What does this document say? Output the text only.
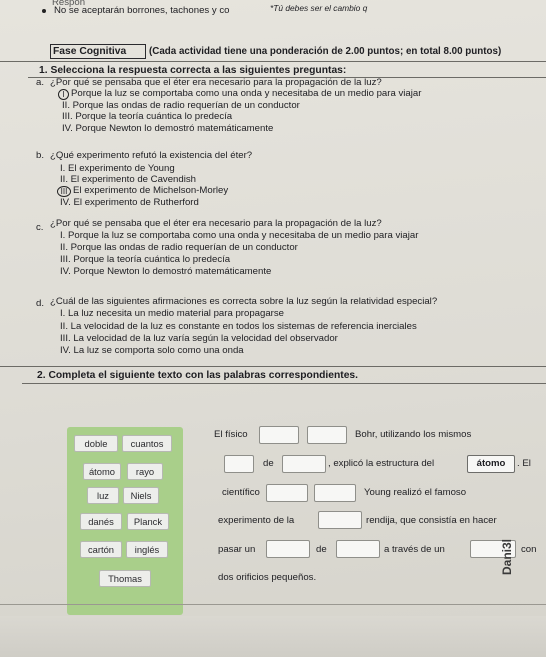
Respon
No se aceptarán borrones, tachones y co	*Tú debes ser el cambio q
Fase Cognitiva (Cada actividad tiene una ponderación de 2.00 puntos; en total 8.00 puntos)
1. Selecciona la respuesta correcta a las siguientes preguntas:
a. ¿Por qué se pensaba que el éter era necesario para la propagación de la luz?
I Porque la luz se comportaba como una onda y necesitaba de un medio para viajar
II. Porque las ondas de radio requerían de un conductor
III. Porque la teoría cuántica lo predecía
IV. Porque Newton lo demostró matemáticamente
b. ¿Qué experimento refutó la existencia del éter?
I. El experimento de Young
II. El experimento de Cavendish
III El experimento de Michelson-Morley
IV. El experimento de Rutherford
c. ¿Por qué se pensaba que el éter era necesario para la propagación de la luz?
I. Porque la luz se comportaba como una onda y necesitaba de un medio para viajar
II. Porque las ondas de radio requerían de un conductor
III. Porque la teoría cuántica lo predecía
IV. Porque Newton lo demostró matemáticamente
d. ¿Cuál de las siguientes afirmaciones es correcta sobre la luz según la relatividad especial?
I. La luz necesita un medio material para propagarse
II. La velocidad de la luz es constante en todos los sistemas de referencia inerciales
III. La velocidad de la luz varía según la velocidad del observador
IV. La luz se comporta solo como una onda
2. Completa el siguiente texto con las palabras correspondientes.
doble	cuantos
átomo	rayo
luz	Niels
danés	Planck
cartón	inglés
Thomas
El físico	Bohr, utilizando los mismos
de	, explicó la estructura del	átomo	. El
científico	Young realizó el famoso
experimento de la	rendija, que consistía en hacer
pasar un	de	a través de un	con
dos orificios pequeños.
Dani3l
